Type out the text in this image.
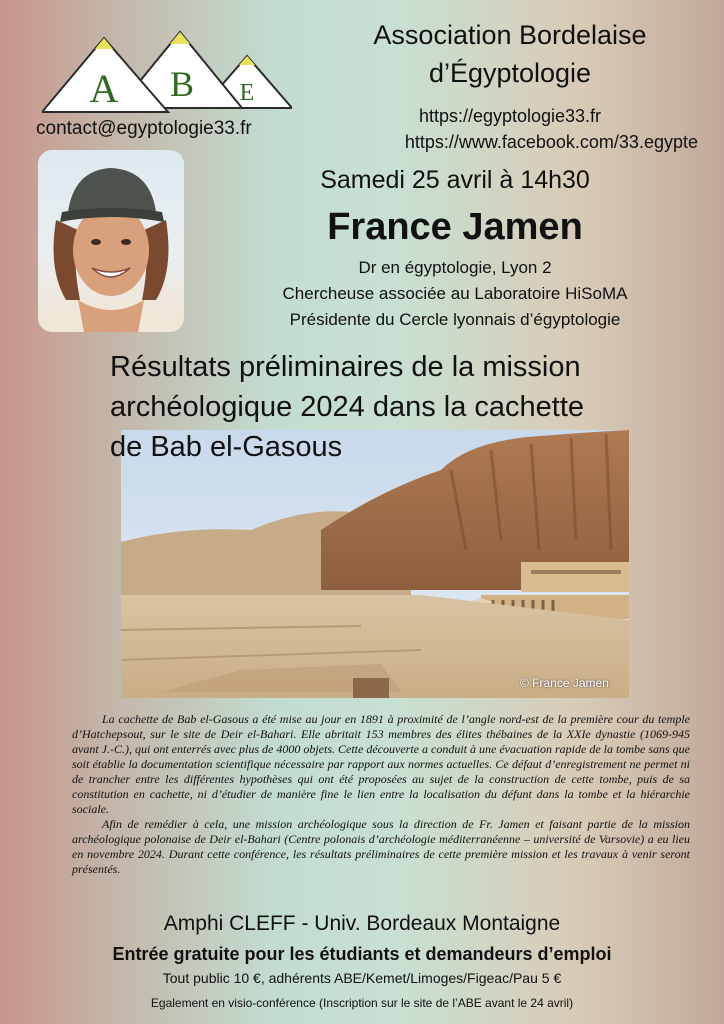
A B E
contact@egyptologie33.fr
Association Bordelaise
d’Égyptologie
https://egyptologie33.fr
https://www.facebook.com/33.egypte
Samedi 25 avril à 14h30
France Jamen
Dr en égyptologie, Lyon 2
Chercheuse associée au Laboratoire HiSoMA
Présidente du Cercle lyonnais d’égyptologie
© France Jamen
Résultats préliminaires de la mission
archéologique 2024 dans la cachette
de Bab el-Gasous

La cachette de Bab el-Gasous a été mise au jour en 1891 à proximité de l’angle nord-est de la première cour du temple d’Hatchepsout, sur le site de Deir el-Bahari. Elle abritait 153 membres des élites thébaines de la XXIe dynastie (1069-945 avant J.-C.), qui ont enterrés avec plus de 4000 objets. Cette découverte a conduit à une évacuation rapide de la tombe sans que soit établie la documentation scientifique nécessaire par rapport aux normes actuelles. Ce défaut d’enregistrement ne permet ni de trancher entre les différentes hypothèses qui ont été proposées au sujet de la construction de cette tombe, puis de sa constitution en cachette, ni d’étudier de manière fine le lien entre la localisation du défunt dans la tombe et la hiérarchie sociale.

Afin de remédier à cela, une mission archéologique sous la direction de Fr. Jamen et faisant partie de la mission archéologique polonaise de Deir el-Bahari (Centre polonais d’archéologie méditerranéenne – université de Varsovie) a eu lieu en novembre 2024. Durant cette conférence, les résultats préliminaires de cette première mission et les travaux à venir seront présentés.

Amphi CLEFF - Univ. Bordeaux Montaigne
Entrée gratuite pour les étudiants et demandeurs d’emploi
Tout public 10 €, adhérents ABE/Kemet/Limoges/Figeac/Pau 5 €
Egalement en visio-conférence (Inscription sur le site de l’ABE avant le 24 avril)
